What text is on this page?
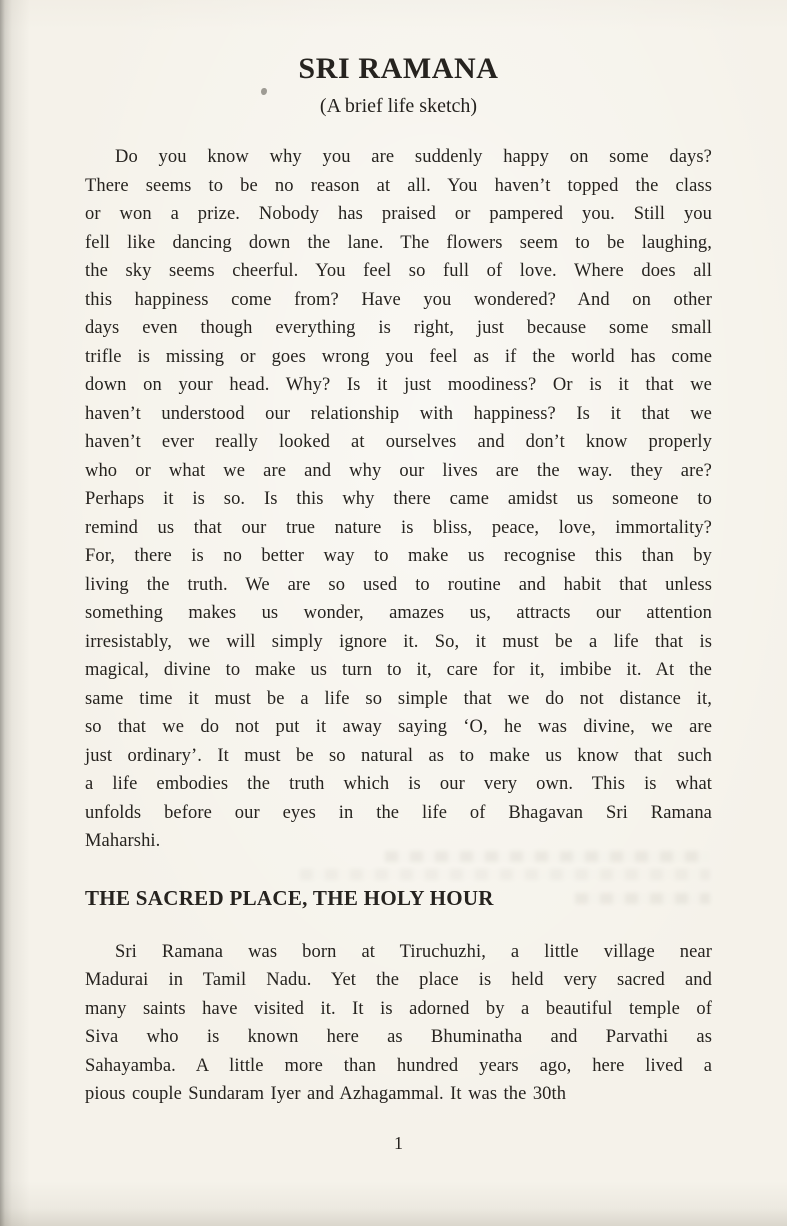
SRI RAMANA
(A brief life sketch)
Do you know why you are suddenly happy on some days?
There seems to be no reason at all. You haven’t topped the class
or won a prize. Nobody has praised or pampered you. Still you
fell like dancing down the lane. The flowers seem to be laughing,
the sky seems cheerful. You feel so full of love. Where does all
this happiness come from? Have you wondered? And on other
days even though everything is right, just because some small
trifle is missing or goes wrong you feel as if the world has come
down on your head. Why? Is it just moodiness? Or is it that we
haven’t understood our relationship with happiness? Is it that we
haven’t ever really looked at ourselves and don’t know properly
who or what we are and why our lives are the way. they are?
Perhaps it is so. Is this why there came amidst us someone to
remind us that our true nature is bliss, peace, love, immortality?
For, there is no better way to make us recognise this than by
living the truth. We are so used to routine and habit that unless
something makes us wonder, amazes us, attracts our attention
irresistably, we will simply ignore it. So, it must be a life that is
magical, divine to make us turn to it, care for it, imbibe it. At the
same time it must be a life so simple that we do not distance it,
so that we do not put it away saying ‘O, he was divine, we are
just ordinary’. It must be so natural as to make us know that such
a life embodies the truth which is our very own. This is what
unfolds before our eyes in the life of Bhagavan Sri Ramana
Maharshi.
THE SACRED PLACE, THE HOLY HOUR
Sri Ramana was born at Tiruchuzhi, a little village near
Madurai in Tamil Nadu. Yet the place is held very sacred and
many saints have visited it. It is adorned by a beautiful temple of
Siva who is known here as Bhuminatha and Parvathi as
Sahayamba. A little more than hundred years ago, here lived a
pious couple Sundaram Iyer and Azhagammal. It was the 30th
1
